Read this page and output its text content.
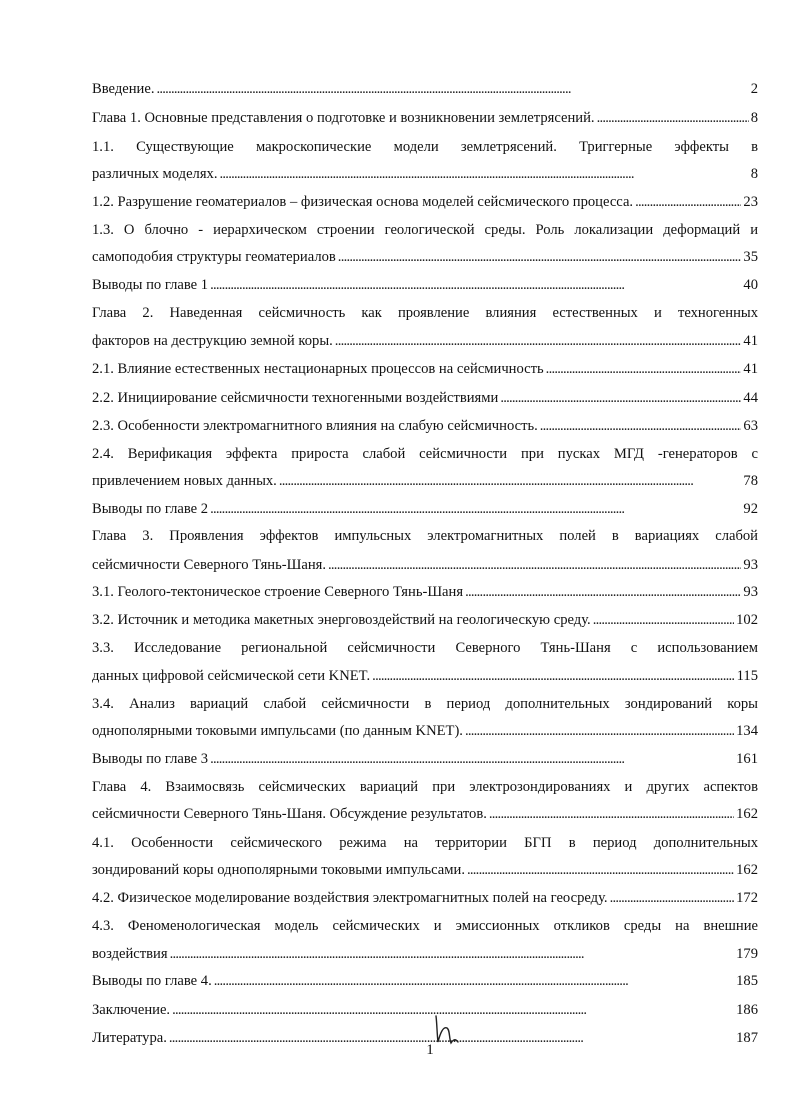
Введение. . . .	2
Глава 1. Основные представления о подготовке и возникновении землетрясений. . . .	8
1.1. Существующие макроскопические модели землетрясений. Триггерные эффекты в
различных моделях. . . .	8
1.2. Разрушение геоматериалов – физическая основа моделей сейсмического процесса. . . .	23
1.3. О блочно - иерархическом строении геологической среды. Роль локализации деформаций и
самоподобия структуры геоматериалов . . .	35
Выводы по главе 1 . . .	40
Глава 2. Наведенная сейсмичность как проявление влияния естественных и техногенных
факторов на деструкцию земной коры. . . .	41
2.1. Влияние естественных нестационарных процессов на сейсмичность . . .	41
2.2. Инициирование сейсмичности техногенными воздействиями . . .	44
2.3. Особенности электромагнитного влияния на слабую сейсмичность. . . .	63
2.4. Верификация эффекта прироста слабой сейсмичности при пусках МГД -генераторов с
привлечением новых данных. . . .	78
Выводы по главе 2 . . .	92
Глава 3. Проявления эффектов импульсных электромагнитных полей в вариациях слабой
сейсмичности Северного Тянь-Шаня. . . .	93
3.1. Геолого-тектоническое строение Северного Тянь-Шаня . . .	93
3.2. Источник и методика макетных энерговоздействий на геологическую среду. . . .	102
3.3. Исследование региональной сейсмичности Северного Тянь-Шаня с использованием
данных цифровой сейсмической сети KNET. . . .	115
3.4. Анализ вариаций слабой сейсмичности в период дополнительных зондирований коры
однополярными токовыми импульсами (по данным KNET). . . .	134
Выводы по главе 3 . . .	161
Глава 4. Взаимосвязь сейсмических вариаций при электрозондированиях и других аспектов
сейсмичности Северного Тянь-Шаня. Обсуждение результатов. . . .	162
4.1. Особенности сейсмического режима на территории БГП в период дополнительных
зондирований коры однополярными токовыми импульсами. . . .	162
4.2. Физическое моделирование воздействия электромагнитных полей на геосреду. . . .	172
4.3. Феноменологическая модель сейсмических и эмиссионных откликов среды на внешние
воздействия . . .	179
Выводы по главе 4. . . .	185
Заключение. . . .	186
Литература. . . .	187
1
